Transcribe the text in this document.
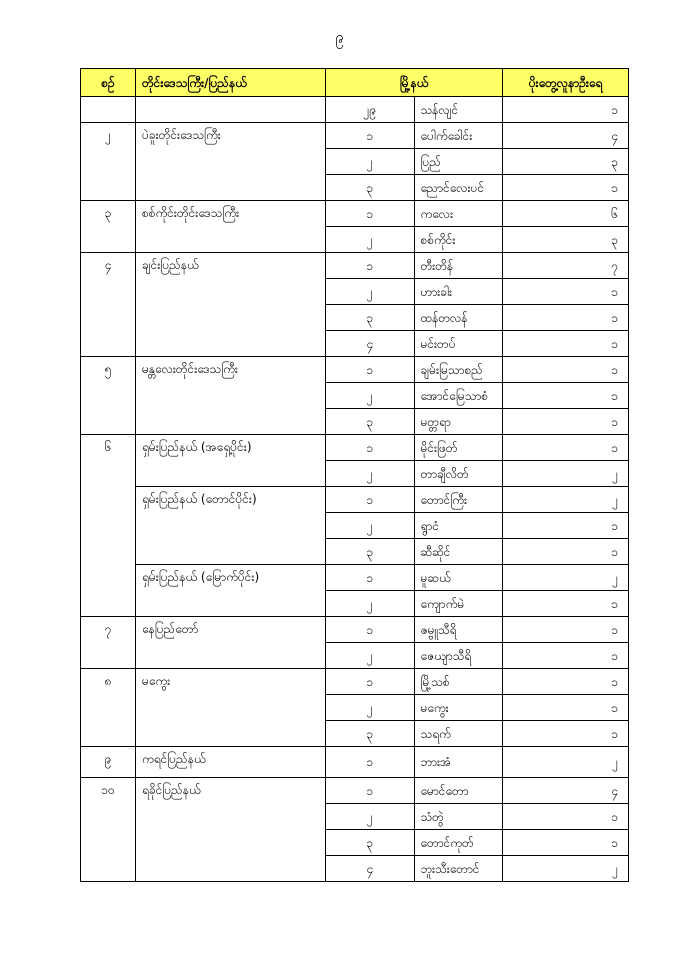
၉
စဉ်	တိုင်းဒေသကြီး/ပြည်နယ်	မြို့နယ်		ပိုးတွေ့လူနာဦးရေ
		၂၉	သန်လျင်	၁
၂	ပဲခူးတိုင်းဒေသကြီး	၁	ပေါက်ခေါင်း	၄
		၂	ပြည်	၃
		၃	ညောင်လေးပင်	၁
၃	စစ်ကိုင်းတိုင်းဒေသကြီး	၁	ကလေး	၆
		၂	စစ်ကိုင်း	၃
၄	ချင်းပြည်နယ်	၁	တီးတိန်	၇
		၂	ဟားခါး	၁
		၃	ထန်တလန်	၁
		၄	မင်းတပ်	၁
၅	မန္တလေးတိုင်းဒေသကြီး	၁	ချမ်းမြသာစည်	၁
		၂	အောင်မြေသာစံ	၁
		၃	မတ္တရာ	၁
၆	ရှမ်းပြည်နယ် (အရှေ့ပိုင်း)	၁	မိုင်းဖြတ်	၁
		၂	တာချီလိတ်	၂
	ရှမ်းပြည်နယ် (တောင်ပိုင်း)	၁	တောင်ကြီး	၂
		၂	ရွာငံ	၁
		၃	ဆီဆိုင်	၁
	ရှမ်းပြည်နယ် (မြောက်ပိုင်း)	၁	မူဆယ်	၂
		၂	ကျောက်မဲ	၁
၇	နေပြည်တော်	၁	ဇမ္ဗူသီရိ	၁
		၂	ဇေယျာသီရိ	၁
၈	မကွေး	၁	မြို့သစ်	၁
		၂	မကွေး	၁
		၃	သရက်	၁
၉	ကရင်ပြည်နယ်	၁	ဘားအံ	၂
၁၀	ရခိုင်ပြည်နယ်	၁	မောင်တော	၄
		၂	သံတွဲ	၁
		၃	တောင်ကုတ်	၁
		၄	ဘူးသီးတောင်	၂
